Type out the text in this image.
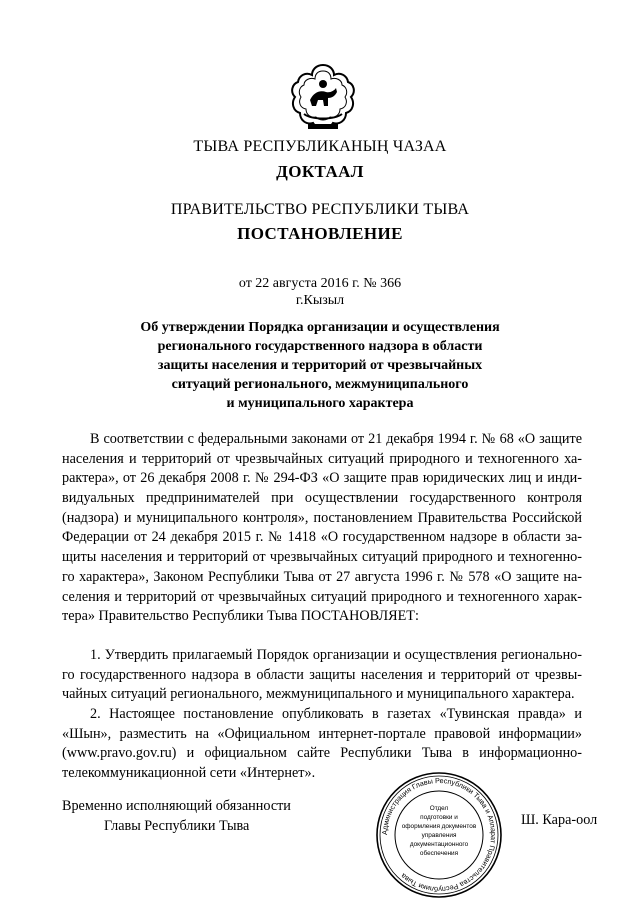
ТЫВА РЕСПУБЛИКАНЫҢ ЧАЗАА
ДОКТААЛ
ПРАВИТЕЛЬСТВО РЕСПУБЛИКИ ТЫВА
ПОСТАНОВЛЕНИЕ
от 22 августа 2016 г. № 366
г.Кызыл
Об утверждении Порядка организации и осуществления
регионального государственного надзора в области
защиты населения и территорий от чрезвычайных
ситуаций регионального, межмуниципального
и муниципального характера
В соответствии с федеральными законами от 21 декабря 1994 г. № 68 «О защите
населения и территорий от чрезвычайных ситуаций природного и техногенного ха-
рактера», от 26 декабря 2008 г. № 294-ФЗ «О защите прав юридических лиц и инди-
видуальных предпринимателей при осуществлении государственного контроля
(надзора) и муниципального контроля», постановлением Правительства Российской
Федерации от 24 декабря 2015 г. № 1418 «О государственном надзоре в области за-
щиты населения и территорий от чрезвычайных ситуаций природного и техногенно-
го характера», Законом Республики Тыва от 27 августа 1996 г. № 578 «О защите на-
селения и территорий от чрезвычайных ситуаций природного и техногенного харак-
тера» Правительство Республики Тыва ПОСТАНОВЛЯЕТ:
1. Утвердить прилагаемый Порядок организации и осуществления регионально-
го государственного надзора в области защиты населения и территорий от чрезвы-
чайных ситуаций регионального, межмуниципального и муниципального характера.
2. Настоящее постановление опубликовать в газетах «Тувинская правда» и
«Шын», разместить на «Официальном интернет-портале правовой информации»
(www.pravo.gov.ru) и официальном сайте Республики Тыва в информационно-
телекоммуникационной сети «Интернет».
Временно исполняющий обязанности
Главы Республики Тыва	Администрация Главы Республики Тыва и Аппарат Правительства Республики Тыва
Отдел
подготовки и
оформления документов
управления
документационного
обеспечения
Ш. Кара-оол
